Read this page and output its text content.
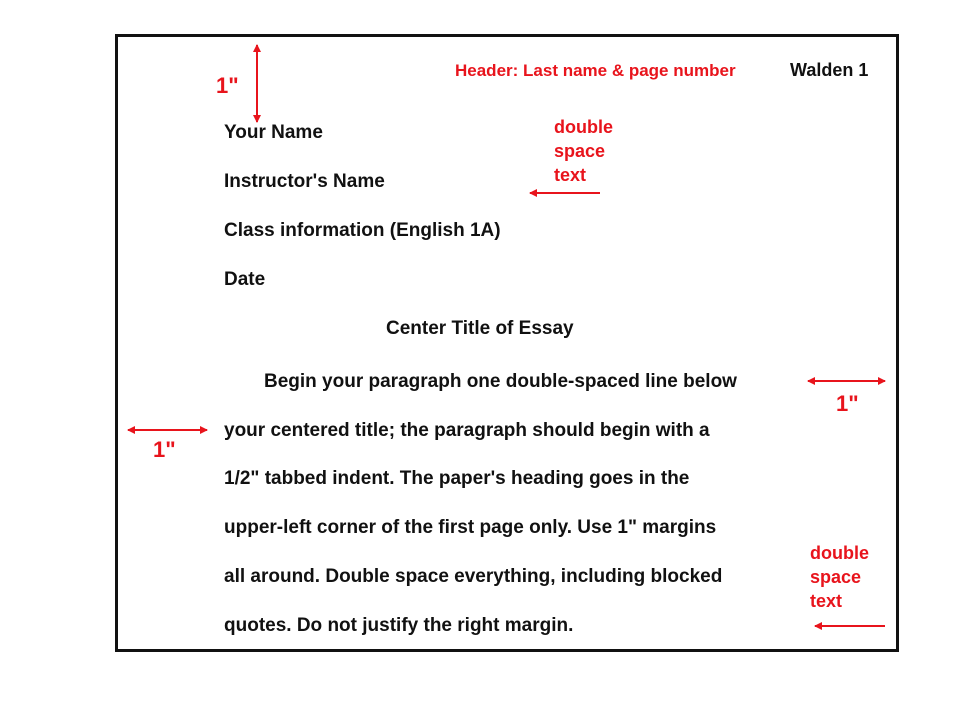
Header: Last name & page number	Walden 1
1"
1"
1"
double
space
text
double
space
text
Your Name
Instructor's Name
Class information (English 1A)
Date
Center Title of Essay
Begin your paragraph one double-spaced line below
your centered title; the paragraph should begin with a
1/2" tabbed indent. The paper's heading goes in the
upper-left corner of the first page only. Use 1" margins
all around. Double space everything, including blocked
quotes. Do not justify the right margin.
